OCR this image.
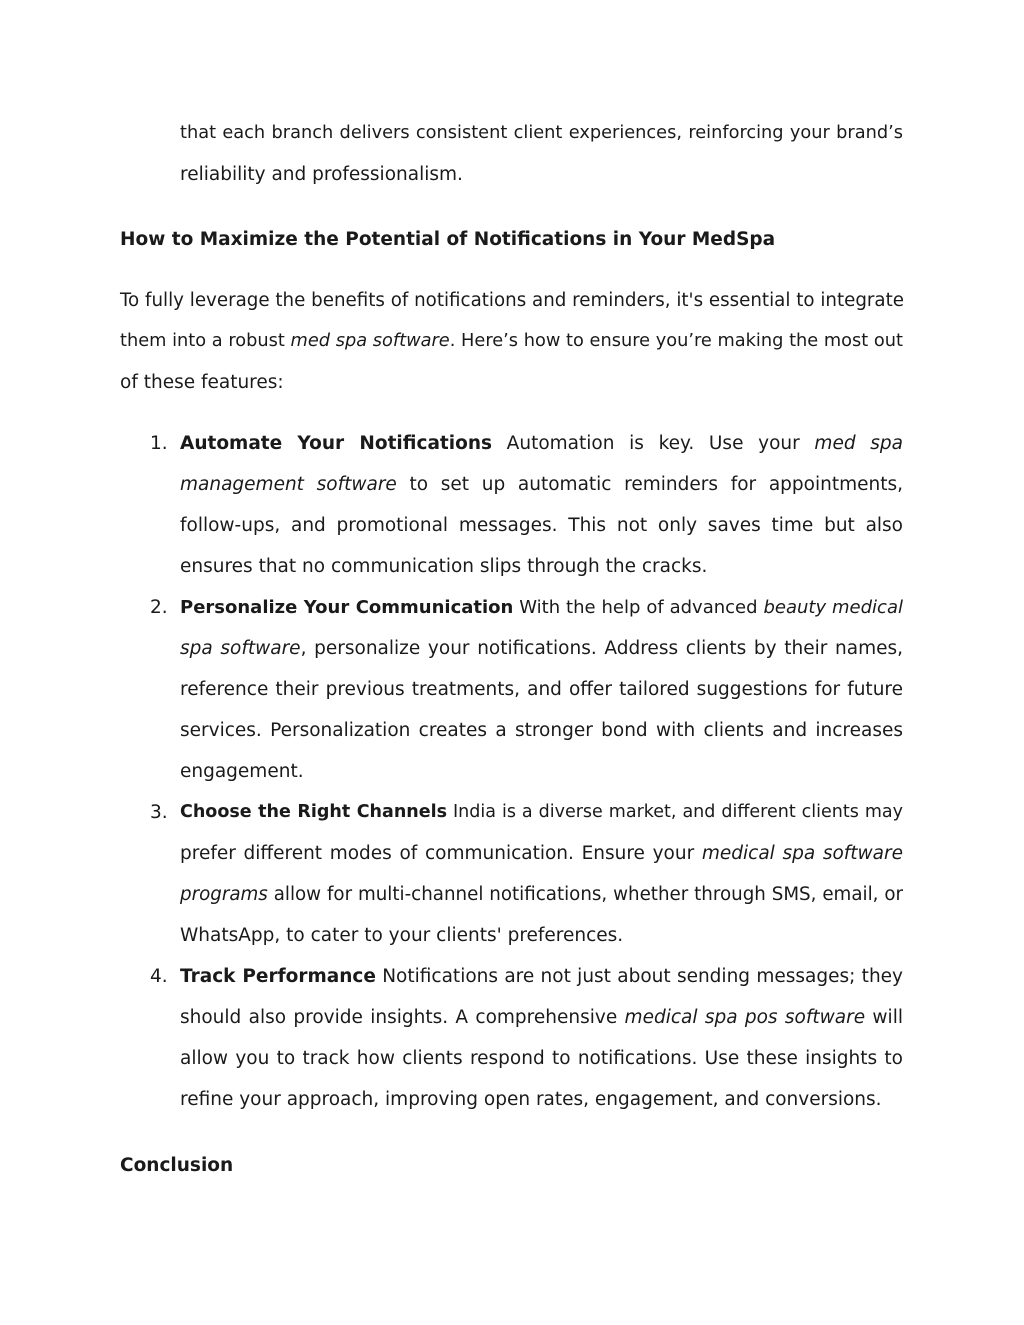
that each branch delivers consistent client experiences, reinforcing your brand’s
reliability and professionalism.
How to Maximize the Potential of Notifications in Your MedSpa
To fully leverage the benefits of notifications and reminders, it's essential to integrate
them into a robust med spa software. Here’s how to ensure you’re making the most out
of these features:
1. Automate Your Notifications Automation is key. Use your med spa
management software to set up automatic reminders for appointments,
follow-ups, and promotional messages. This not only saves time but also
ensures that no communication slips through the cracks.
2. Personalize Your Communication With the help of advanced beauty medical
spa software, personalize your notifications. Address clients by their names,
reference their previous treatments, and offer tailored suggestions for future
services. Personalization creates a stronger bond with clients and increases
engagement.
3. Choose the Right Channels India is a diverse market, and different clients may
prefer different modes of communication. Ensure your medical spa software
programs allow for multi-channel notifications, whether through SMS, email, or
WhatsApp, to cater to your clients' preferences.
4. Track Performance Notifications are not just about sending messages; they
should also provide insights. A comprehensive medical spa pos software will
allow you to track how clients respond to notifications. Use these insights to
refine your approach, improving open rates, engagement, and conversions.
Conclusion
